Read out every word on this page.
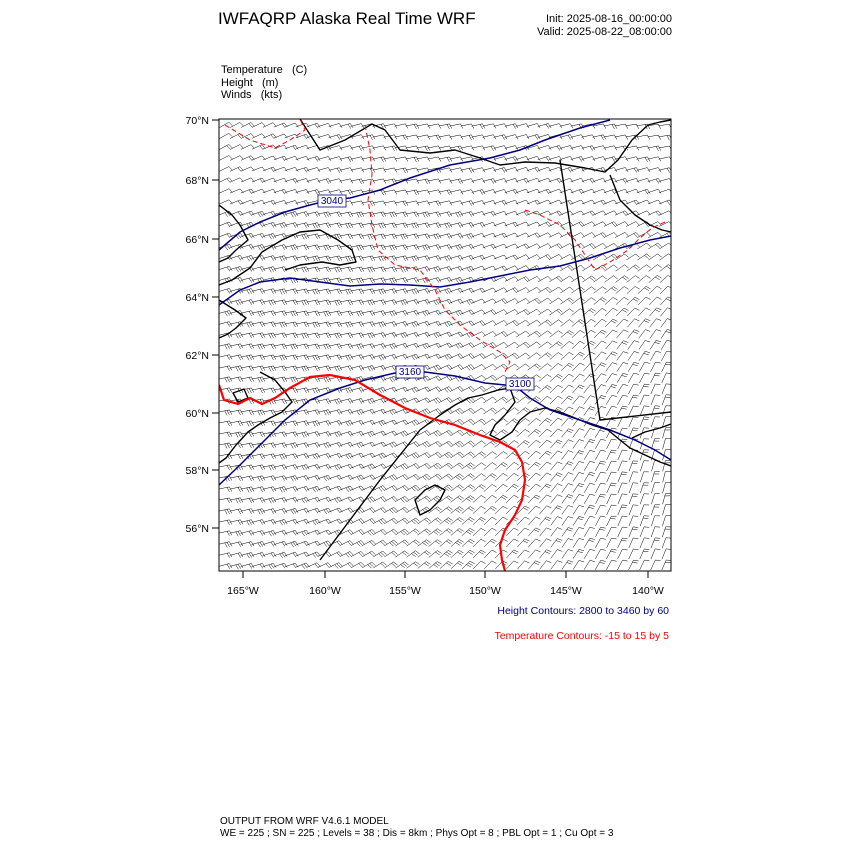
IWFAQRP Alaska Real Time WRF	Init: 2025-08-16_00:00:00
Valid: 2025-08-22_08:00:00
Temperature (C)
Height (m)
Winds (kts)
3040
3160
3100
56°N
58°N
60°N
62°N
64°N
66°N
68°N
70°N
165°W	160°W	155°W	150°W	145°W	140°W
Height Contours: 2800 to 3460 by 60
Temperature Contours: -15 to 15 by 5
OUTPUT FROM WRF V4.6.1 MODEL
WE = 225 ; SN = 225 ; Levels = 38 ; Dis = 8km ; Phys Opt = 8 ; PBL Opt = 1 ; Cu Opt = 3
